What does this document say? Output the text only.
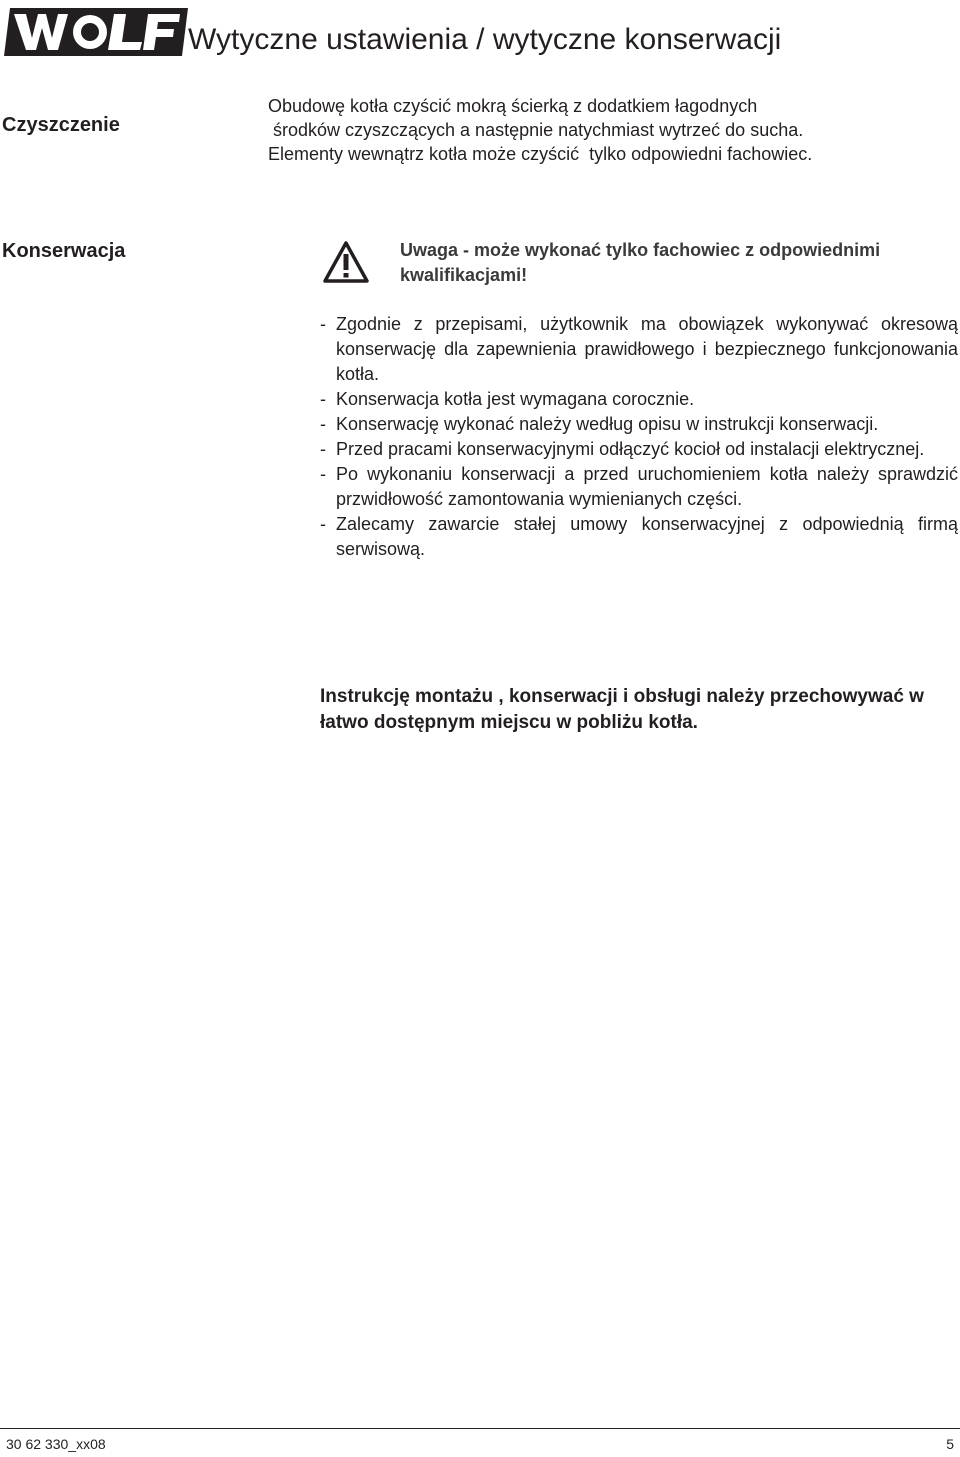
Wytyczne ustawienia / wytyczne konserwacji
Czyszczenie
Obudowę kotła czyścić mokrą ścierką z dodatkiem łagodnych
środków czyszczących a następnie natychmiast wytrzeć do sucha.
Elementy wewnątrz kotła może czyścić  tylko odpowiedni fachowiec.
Konserwacja	Uwaga - może wykonać tylko fachowiec z odpowiednimi kwalifikacjami!
- Zgodnie z przepisami, użytkownik ma obowiązek wykonywać okresową konserwację dla zapewnienia prawidłowego i bezpiecznego funkcjonowania kotła.
- Konserwacja kotła jest wymagana corocznie.
- Konserwację wykonać należy według opisu w instrukcji konserwacji.
- Przed pracami konserwacyjnymi odłączyć kocioł od instalacji elektrycznej.
- Po wykonaniu konserwacji a przed uruchomieniem kotła należy sprawdzić przwidłowość zamontowania wymienianych części.
- Zalecamy zawarcie stałej umowy konserwacyjnej z odpowiednią firmą serwisową.
Instrukcję montażu , konserwacji i obsługi należy przechowywać w łatwo dostępnym miejscu w pobliżu kotła.
30 62 330_xx08	5
